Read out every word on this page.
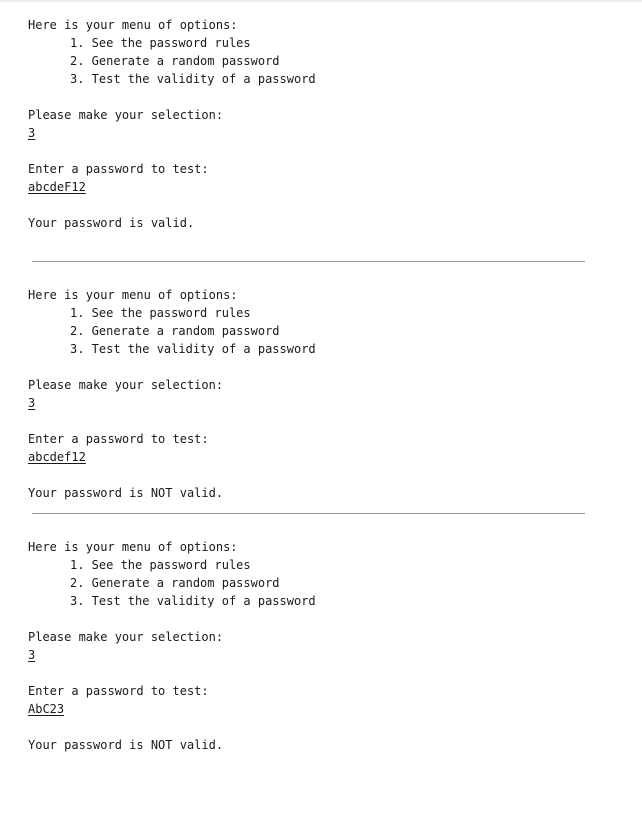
Here is your menu of options:
1. See the password rules
2. Generate a random password
3. Test the validity of a password
Please make your selection:
3
Enter a password to test:
abcdeF12
Your password is valid.
Here is your menu of options:
1. See the password rules
2. Generate a random password
3. Test the validity of a password
Please make your selection:
3
Enter a password to test:
abcdef12
Your password is NOT valid.
Here is your menu of options:
1. See the password rules
2. Generate a random password
3. Test the validity of a password
Please make your selection:
3
Enter a password to test:
AbC23
Your password is NOT valid.
